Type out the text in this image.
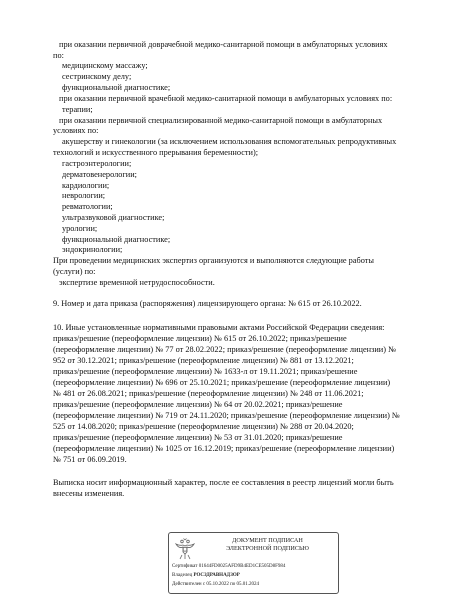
при оказании первичной доврачебной медико-санитарной помощи в амбулаторных условиях
по:
медицинскому массажу;
сестринскому делу;
функциональной диагностике;
при оказании первичной врачебной медико-санитарной помощи в амбулаторных условиях по:
терапии;
при оказании первичной специализированной медико-санитарной помощи в амбулаторных
условиях по:
акушерству и гинекологии (за исключением использования вспомогательных репродуктивных
технологий и искусственного прерывания беременности);
гастроэнтерологии;
дерматовенерологии;
кардиологии;
неврологии;
ревматологии;
ультразвуковой диагностике;
урологии;
функциональной диагностике;
эндокринологии;
При проведении медицинских экспертиз организуются и выполняются следующие работы
(услуги) по:
экспертизе временной нетрудоспособности.
9. Номер и дата приказа (распоряжения) лицензирующего органа: № 615 от 26.10.2022.
10. Иные установленные нормативными правовыми актами Российской Федерации сведения:
приказ/решение (переоформление лицензии) № 615 от 26.10.2022; приказ/решение
(переоформление лицензии) № 77 от 28.02.2022; приказ/решение (переоформление лицензии) №
952 от 30.12.2021; приказ/решение (переоформление лицензии) № 881 от 13.12.2021;
приказ/решение (переоформление лицензии) № 1633-л от 19.11.2021; приказ/решение
(переоформление лицензии) № 696 от 25.10.2021; приказ/решение (переоформление лицензии)
№ 481 от 26.08.2021; приказ/решение (переоформление лицензии) № 248 от 11.06.2021;
приказ/решение (переоформление лицензии) № 64 от 20.02.2021; приказ/решение
(переоформление лицензии) № 719 от 24.11.2020; приказ/решение (переоформление лицензии) №
525 от 14.08.2020; приказ/решение (переоформление лицензии) № 288 от 20.04.2020;
приказ/решение (переоформление лицензии) № 53 от 31.01.2020; приказ/решение
(переоформление лицензии) № 1025 от 16.12.2019; приказ/решение (переоформление лицензии)
№ 751 от 06.09.2019.
Выписка носит информационный характер, после ее составления в реестр лицензий могли быть
внесены изменения.
ДОКУМЕНТ ПОДПИСАН
ЭЛЕКТРОННОЙ ПОДПИСЬЮ
Сертификат 01644FD0025AFD9B4ED1CE505D8F984
Владелец РОСЗДРАВНАДЗОР
Действителен с 05.10.2022 по 05.01.2024
